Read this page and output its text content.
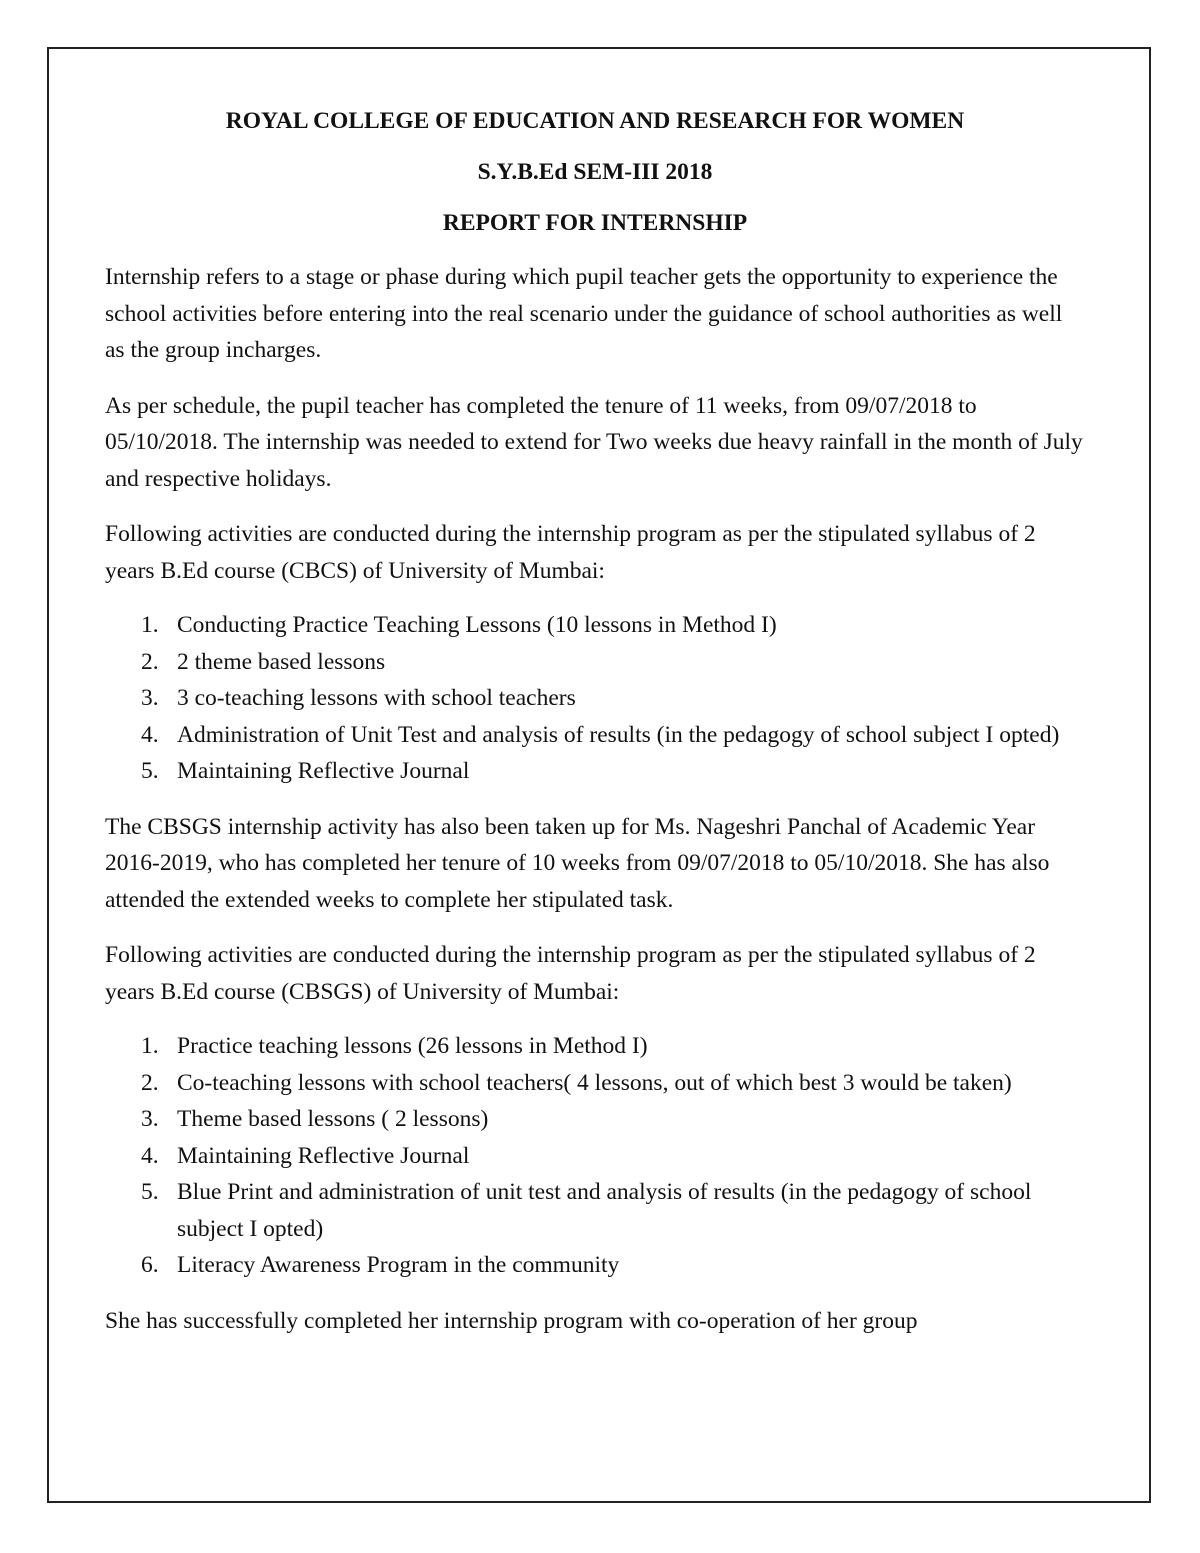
ROYAL COLLEGE OF EDUCATION AND RESEARCH FOR WOMEN

S.Y.B.Ed SEM-III 2018

REPORT FOR INTERNSHIP

Internship refers to a stage or phase during which pupil teacher gets the opportunity to experience the school activities before entering into the real scenario under the guidance of school authorities as well as the group incharges.

As per schedule, the pupil teacher has completed the tenure of 11 weeks, from 09/07/2018 to 05/10/2018. The internship was needed to extend for Two weeks due heavy rainfall in the month of July and respective holidays.

Following activities are conducted during the internship program as per the stipulated syllabus of 2 years B.Ed course (CBCS) of University of Mumbai:

1. Conducting Practice Teaching Lessons (10 lessons in Method I)
2. 2 theme based lessons
3. 3 co-teaching lessons with school teachers
4. Administration of Unit Test and analysis of results (in the pedagogy of school subject I opted)
5. Maintaining Reflective Journal

The CBSGS internship activity has also been taken up for Ms. Nageshri Panchal of Academic Year 2016-2019, who has completed her tenure of 10 weeks from 09/07/2018 to 05/10/2018. She has also attended the extended weeks to complete her stipulated task.

Following activities are conducted during the internship program as per the stipulated syllabus of 2 years B.Ed course (CBSGS) of University of Mumbai:

1. Practice teaching lessons (26 lessons in Method I)
2. Co-teaching lessons with school teachers( 4 lessons, out of which best 3 would be taken)
3. Theme based lessons ( 2 lessons)
4. Maintaining Reflective Journal
5. Blue Print and administration of unit test and analysis of results (in the pedagogy of school subject I opted)
6. Literacy Awareness Program in the community

She has successfully completed her internship program with co-operation of her group
